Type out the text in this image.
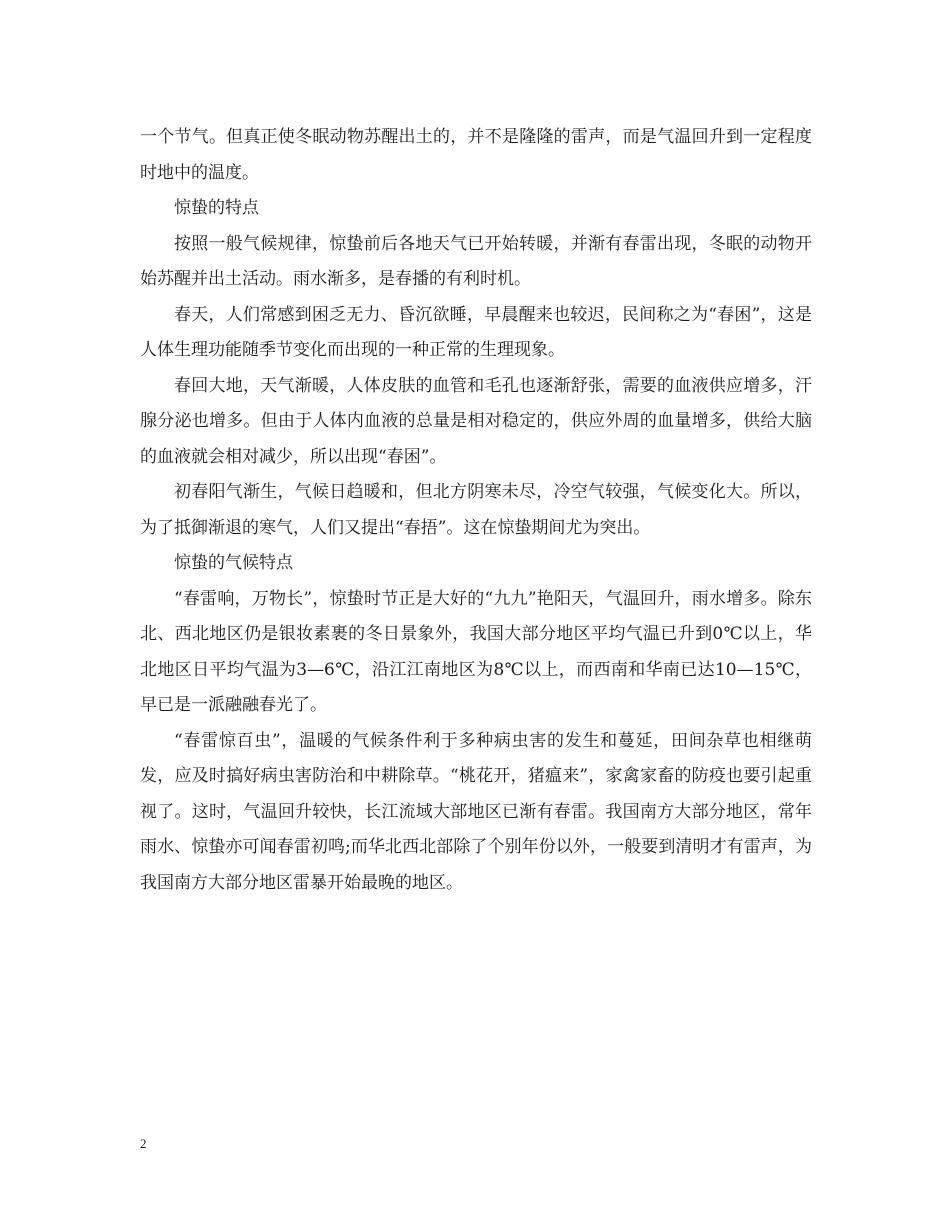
一个节气。但真正使冬眠动物苏醒出土的，并不是隆隆的雷声，而是气温回升到一定程度时地中的温度。

惊蛰的特点

按照一般气候规律，惊蛰前后各地天气已开始转暖，并渐有春雷出现，冬眠的动物开始苏醒并出土活动。雨水渐多，是春播的有利时机。

春天，人们常感到困乏无力、昏沉欲睡，早晨醒来也较迟，民间称之为“春困”，这是人体生理功能随季节变化而出现的一种正常的生理现象。

春回大地，天气渐暖，人体皮肤的血管和毛孔也逐渐舒张，需要的血液供应增多，汗腺分泌也增多。但由于人体内血液的总量是相对稳定的，供应外周的血量增多，供给大脑的血液就会相对减少，所以出现“春困”。

初春阳气渐生，气候日趋暖和，但北方阴寒未尽，冷空气较强，气候变化大。所以，为了抵御渐退的寒气，人们又提出“春捂”。这在惊蛰期间尤为突出。

惊蛰的气候特点

“春雷响，万物长”，惊蛰时节正是大好的“九九”艳阳天，气温回升，雨水增多。除东北、西北地区仍是银妆素裹的冬日景象外，我国大部分地区平均气温已升到0℃以上，华北地区日平均气温为3—6℃，沿江江南地区为8℃以上，而西南和华南已达10—15℃，早已是一派融融春光了。

“春雷惊百虫”，温暖的气候条件利于多种病虫害的发生和蔓延，田间杂草也相继萌发，应及时搞好病虫害防治和中耕除草。“桃花开，猪瘟来”，家禽家畜的防疫也要引起重视了。这时，气温回升较快，长江流域大部地区已渐有春雷。我国南方大部分地区，常年雨水、惊蛰亦可闻春雷初鸣;而华北西北部除了个别年份以外，一般要到清明才有雷声，为我国南方大部分地区雷暴开始最晚的地区。

2
